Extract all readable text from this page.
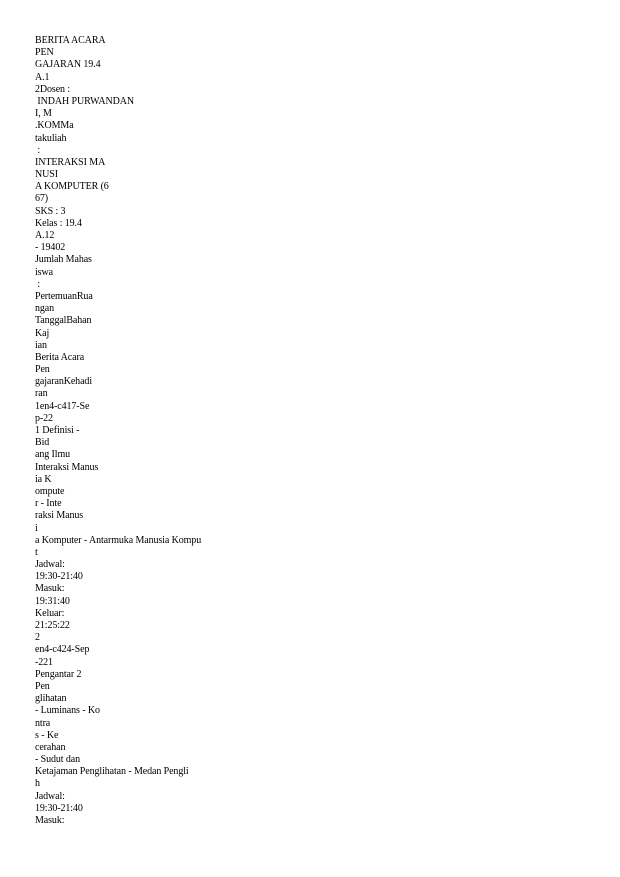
BERITA ACARA
PEN
GAJARAN 19.4
A.1
2Dosen :
INDAH PURWANDAN
I, M
.KOMMa
takuliah
:
INTERAKSI MA
NUSI
A KOMPUTER (6
67)
SKS : 3
Kelas : 19.4
A.12
- 19402
Jumlah Mahas
iswa
:
PertemuanRua
ngan
TanggalBahan
Kaj
ian
Berita Acara
Pen
gajaranKehadi
ran
1en4-c417-Se
p-22
1 Definisi -
Bid
ang Ilmu
Interaksi Manus
ia K
ompute
r - Inte
raksi Manus
i
a Komputer - Antarmuka Manusia Kompu
t
Jadwal:
19:30-21:40
Masuk:
19:31:40
Keluar:
21:25:22
2
en4-c424-Sep
-221
Pengantar 2
Pen
glihatan
- Luminans - Ko
ntra
s - Ke
cerahan
- Sudut dan
Ketajaman Penglihatan - Medan Pengli
h
Jadwal:
19:30-21:40
Masuk:
